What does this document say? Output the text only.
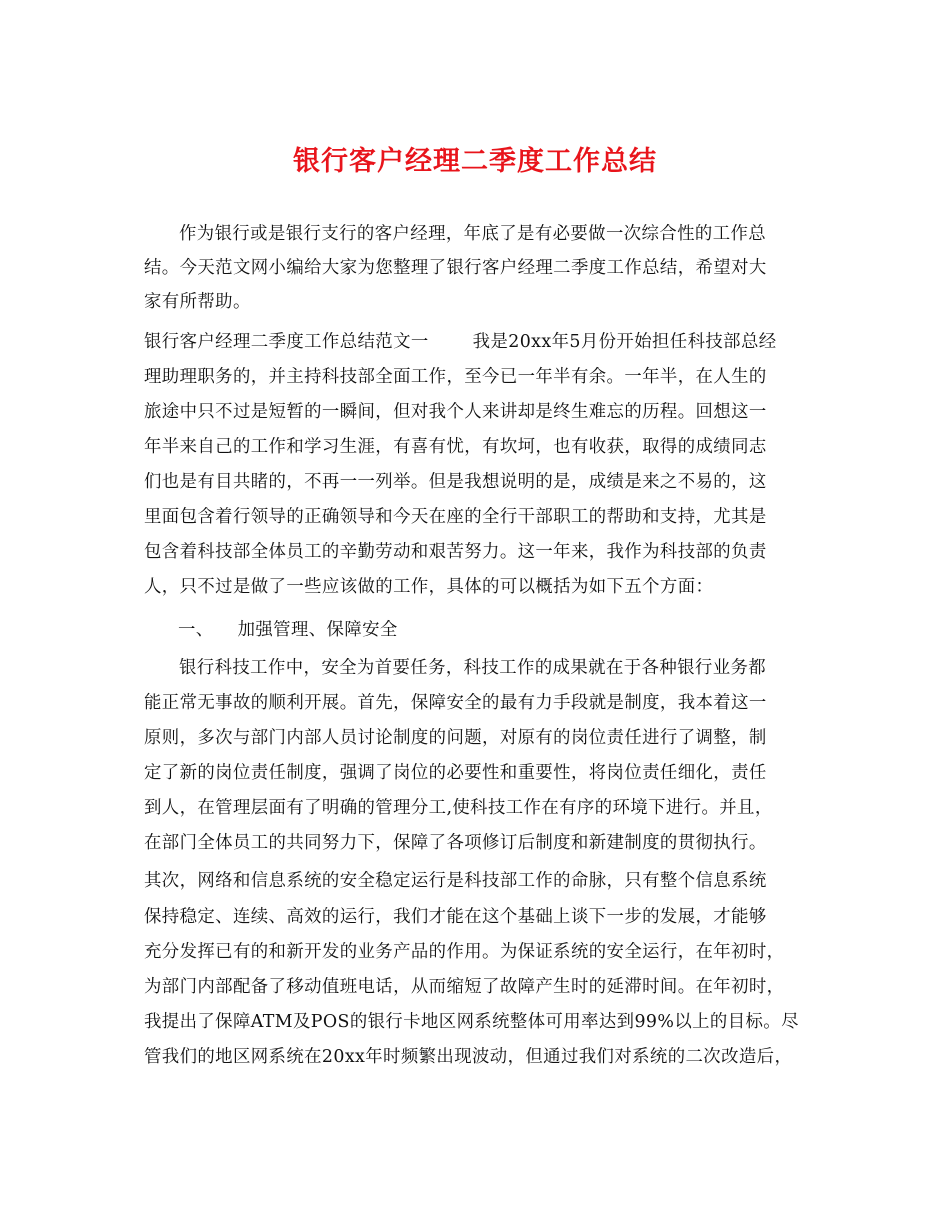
银行客户经理二季度工作总结
作为银行或是银行支行的客户经理，年底了是有必要做一次综合性的工作总
结。今天范文网小编给大家为您整理了银行客户经理二季度工作总结，希望对大
家有所帮助。
银行客户经理二季度工作总结范文一	我是20xx年5月份开始担任科技部总经
理助理职务的，并主持科技部全面工作，至今已一年半有余。一年半，在人生的
旅途中只不过是短暂的一瞬间，但对我个人来讲却是终生难忘的历程。回想这一
年半来自己的工作和学习生涯，有喜有忧，有坎坷，也有收获，取得的成绩同志
们也是有目共睹的，不再一一列举。但是我想说明的是，成绩是来之不易的，这
里面包含着行领导的正确领导和今天在座的全行干部职工的帮助和支持，尤其是
包含着科技部全体员工的辛勤劳动和艰苦努力。这一年来，我作为科技部的负责
人，只不过是做了一些应该做的工作，具体的可以概括为如下五个方面：
一、 加强管理、保障安全
银行科技工作中，安全为首要任务，科技工作的成果就在于各种银行业务都
能正常无事故的顺利开展。首先，保障安全的最有力手段就是制度，我本着这一
原则，多次与部门内部人员讨论制度的问题，对原有的岗位责任进行了调整，制
定了新的岗位责任制度，强调了岗位的必要性和重要性，将岗位责任细化，责任
到人，在管理层面有了明确的管理分工,使科技工作在有序的环境下进行。并且，
在部门全体员工的共同努力下，保障了各项修订后制度和新建制度的贯彻执行。
其次，网络和信息系统的安全稳定运行是科技部工作的命脉，只有整个信息系统
保持稳定、连续、高效的运行，我们才能在这个基础上谈下一步的发展，才能够
充分发挥已有的和新开发的业务产品的作用。为保证系统的安全运行，在年初时，
为部门内部配备了移动值班电话，从而缩短了故障产生时的延滞时间。在年初时，
我提出了保障ATM及POS的银行卡地区网系统整体可用率达到99%以上的目标。尽
管我们的地区网系统在20xx年时频繁出现波动，但通过我们对系统的二次改造后，
